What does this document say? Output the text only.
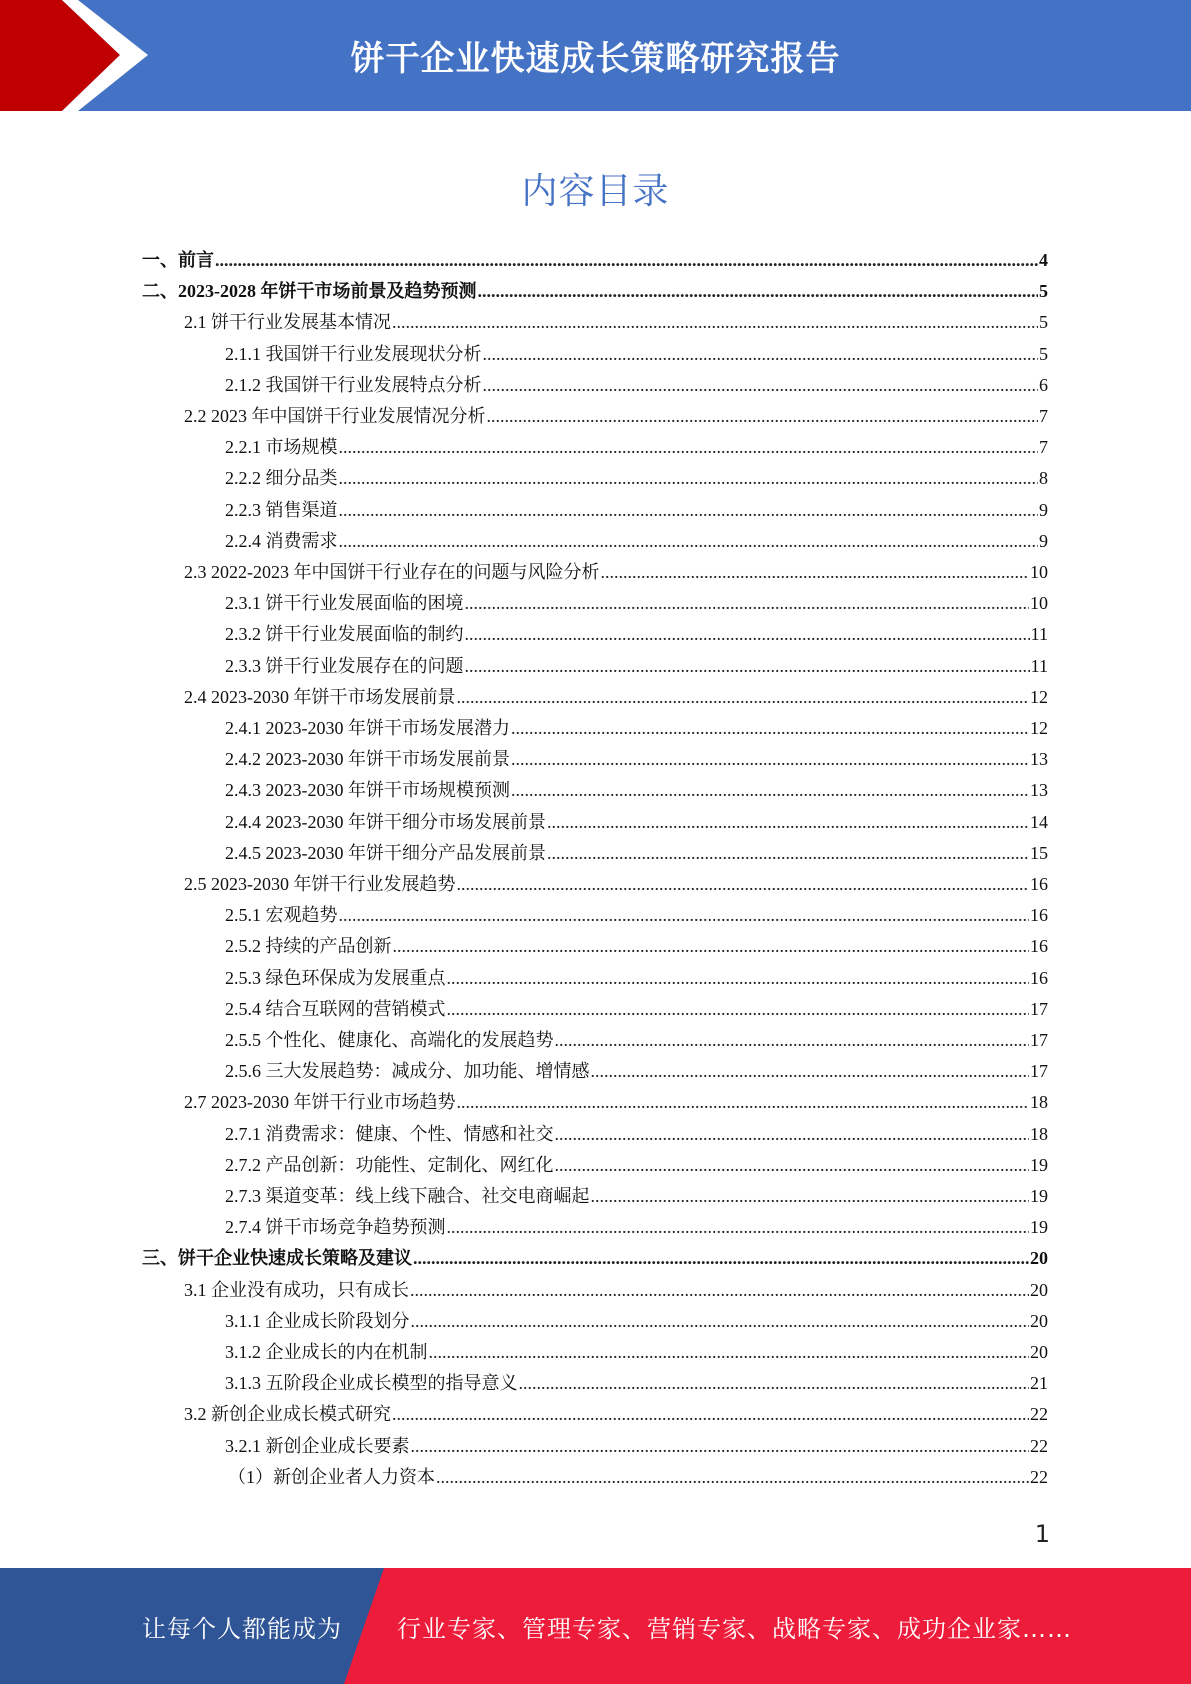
饼干企业快速成长策略研究报告
内容目录
一、前言 .....	4
二、2023-2028 年饼干市场前景及趋势预测 .....	5
2.1 饼干行业发展基本情况 .....	5
2.1.1 我国饼干行业发展现状分析 .....	5
2.1.2 我国饼干行业发展特点分析 .....	6
2.2 2023 年中国饼干行业发展情况分析 .....	7
2.2.1 市场规模 .....	7
2.2.2 细分品类 .....	8
2.2.3 销售渠道 .....	9
2.2.4 消费需求 .....	9
2.3 2022-2023 年中国饼干行业存在的问题与风险分析 .....	10
2.3.1 饼干行业发展面临的困境 .....	10
2.3.2 饼干行业发展面临的制约 .....	11
2.3.3 饼干行业发展存在的问题 .....	11
2.4 2023-2030 年饼干市场发展前景 .....	12
2.4.1 2023-2030 年饼干市场发展潜力 .....	12
2.4.2 2023-2030 年饼干市场发展前景 .....	13
2.4.3 2023-2030 年饼干市场规模预测 .....	13
2.4.4 2023-2030 年饼干细分市场发展前景 .....	14
2.4.5 2023-2030 年饼干细分产品发展前景 .....	15
2.5 2023-2030 年饼干行业发展趋势 .....	16
2.5.1 宏观趋势 .....	16
2.5.2 持续的产品创新 .....	16
2.5.3 绿色环保成为发展重点 .....	16
2.5.4 结合互联网的营销模式 .....	17
2.5.5 个性化、健康化、高端化的发展趋势 .....	17
2.5.6 三大发展趋势：减成分、加功能、增情感 .....	17
2.7 2023-2030 年饼干行业市场趋势 .....	18
2.7.1 消费需求：健康、个性、情感和社交 .....	18
2.7.2 产品创新：功能性、定制化、网红化 .....	19
2.7.3 渠道变革：线上线下融合、社交电商崛起 .....	19
2.7.4 饼干市场竞争趋势预测 .....	19
三、饼干企业快速成长策略及建议 .....	20
3.1 企业没有成功，只有成长 .....	20
3.1.1 企业成长阶段划分 .....	20
3.1.2 企业成长的内在机制 .....	20
3.1.3 五阶段企业成长模型的指导意义 .....	21
3.2 新创企业成长模式研究 .....	22
3.2.1 新创企业成长要素 .....	22
（1）新创企业者人力资本 .....	22
1
让每个人都能成为 行业专家、管理专家、营销专家、战略专家、成功企业家……
